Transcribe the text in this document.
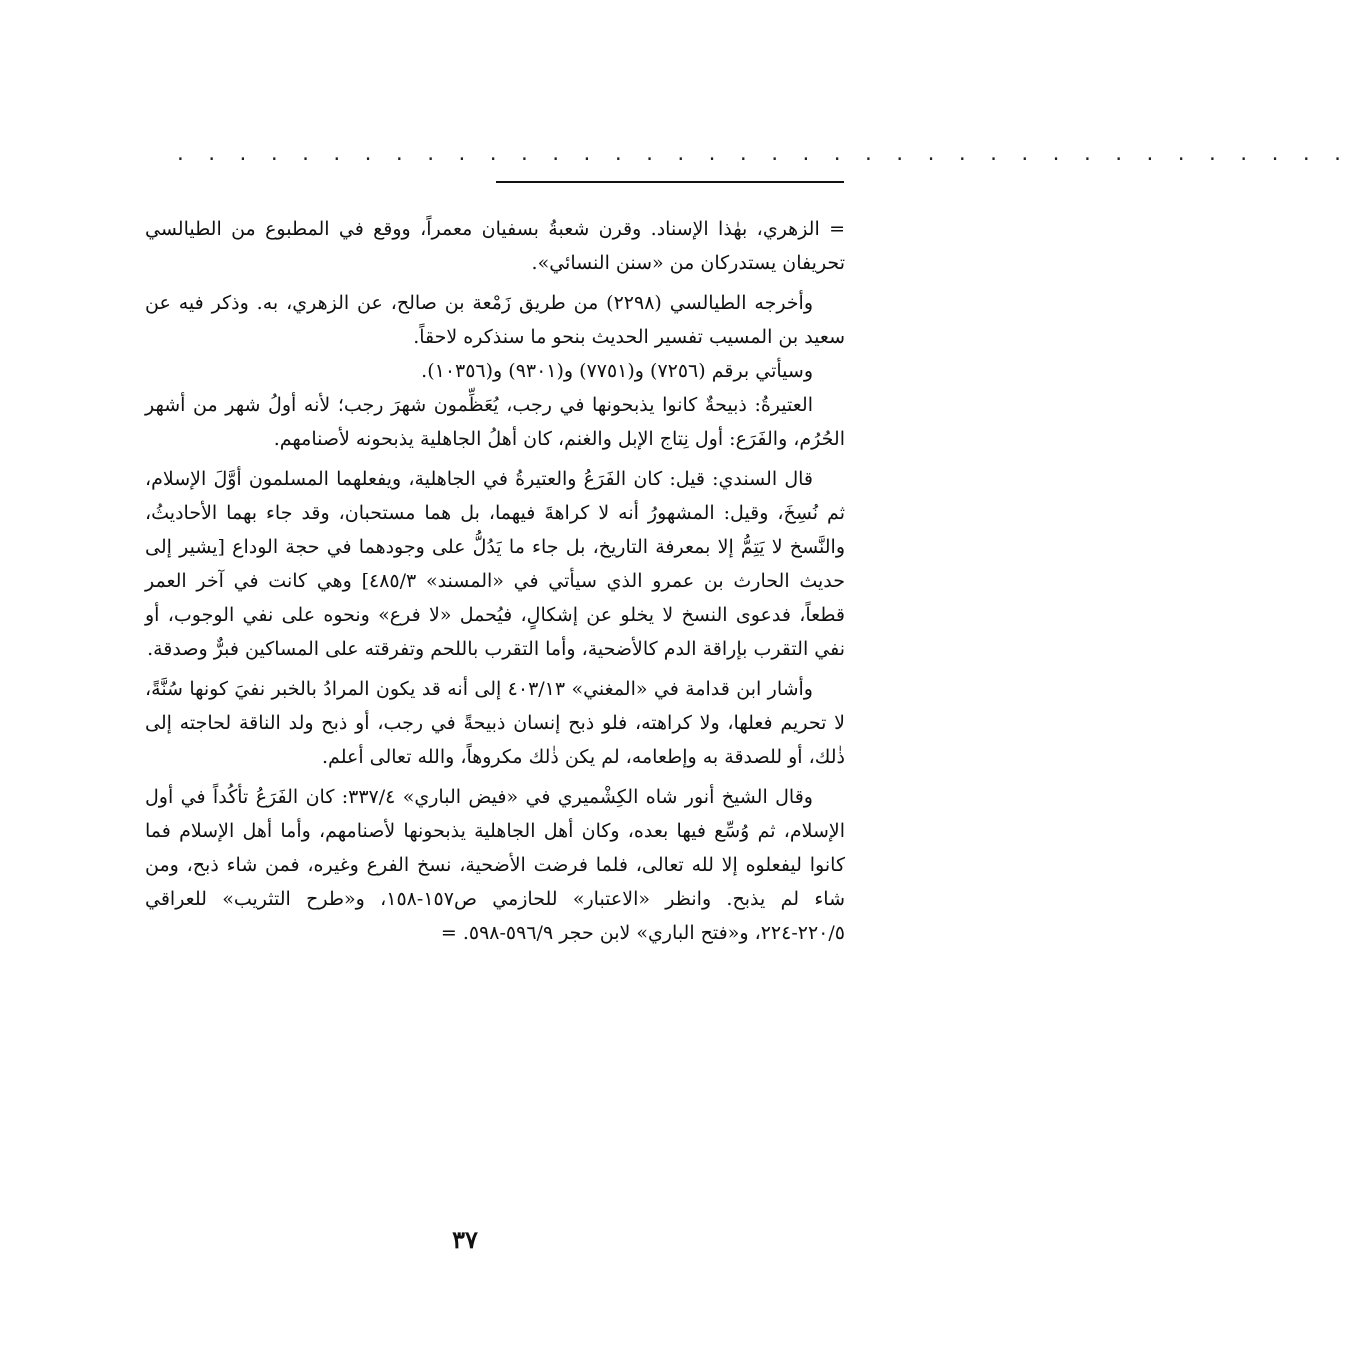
. . . . . . . . . . . . . . . . . . . . . . . . . . . . . . . . . . . . . .

= الزهري، بهٰذا الإسناد. وقرن شعبةُ بسفيان معمراً، ووقع في المطبوع من الطيالسي تحريفان يستدركان من «سنن النسائي».

وأخرجه الطيالسي (٢٢٩٨) من طريق زَمْعة بن صالح، عن الزهري، به. وذكر فيه عن سعيد بن المسيب تفسير الحديث بنحو ما سنذكره لاحقاً.

وسيأتي برقم (٧٢٥٦) و(٧٧٥١) و(٩٣٠١) و(١٠٣٥٦).

العتيرةُ: ذبيحةٌ كانوا يذبحونها في رجب، يُعَظِّمون شهرَ رجب؛ لأنه أولُ شهر من أشهر الحُرُم، والفَرَع: أول نِتاج الإبل والغنم، كان أهلُ الجاهلية يذبحونه لأصنامهم.

قال السندي: قيل: كان الفَرَعُ والعتيرةُ في الجاهلية، ويفعلهما المسلمون أوَّلَ الإسلام، ثم نُسِخَ، وقيل: المشهورُ أنه لا كراهةَ فيهما، بل هما مستحبان، وقد جاء بهما الأحاديثُ، والنَّسخ لا يَتِمُّ إلا بمعرفة التاريخ، بل جاء ما يَدُلُّ على وجودهما في حجة الوداع [يشير إلى حديث الحارث بن عمرو الذي سيأتي في «المسند» ٤٨٥/٣] وهي كانت في آخر العمر قطعاً، فدعوى النسخ لا يخلو عن إشكالٍ، فيُحمل «لا فرع» ونحوه على نفي الوجوب، أو نفي التقرب بإراقة الدم كالأضحية، وأما التقرب باللحم وتفرقته على المساكين فبرٌّ وصدقة.

وأشار ابن قدامة في «المغني» ٤٠٣/١٣ إلى أنه قد يكون المرادُ بالخبر نفيَ كونها سُنَّةً، لا تحريم فعلها، ولا كراهته، فلو ذبح إنسان ذبيحةً في رجب، أو ذبح ولد الناقة لحاجته إلى ذٰلك، أو للصدقة به وإطعامه، لم يكن ذٰلك مكروهاً، والله تعالى أعلم.

وقال الشيخ أنور شاه الكِشْميري في «فيض الباري» ٣٣٧/٤: كان الفَرَعُ تأكُداً في أول الإسلام، ثم وُسِّع فيها بعده، وكان أهل الجاهلية يذبحونها لأصنامهم، وأما أهل الإسلام فما كانوا ليفعلوه إلا لله تعالى، فلما فرضت الأضحية، نسخ الفرع وغيره، فمن شاء ذبح، ومن شاء لم يذبح. وانظر «الاعتبار» للحازمي ص١٥٧-١٥٨، و«طرح التثريب» للعراقي ٢٢٠/٥-٢٢٤، و«فتح الباري» لابن حجر ٥٩٦/٩-٥٩٨. =

٣٧
